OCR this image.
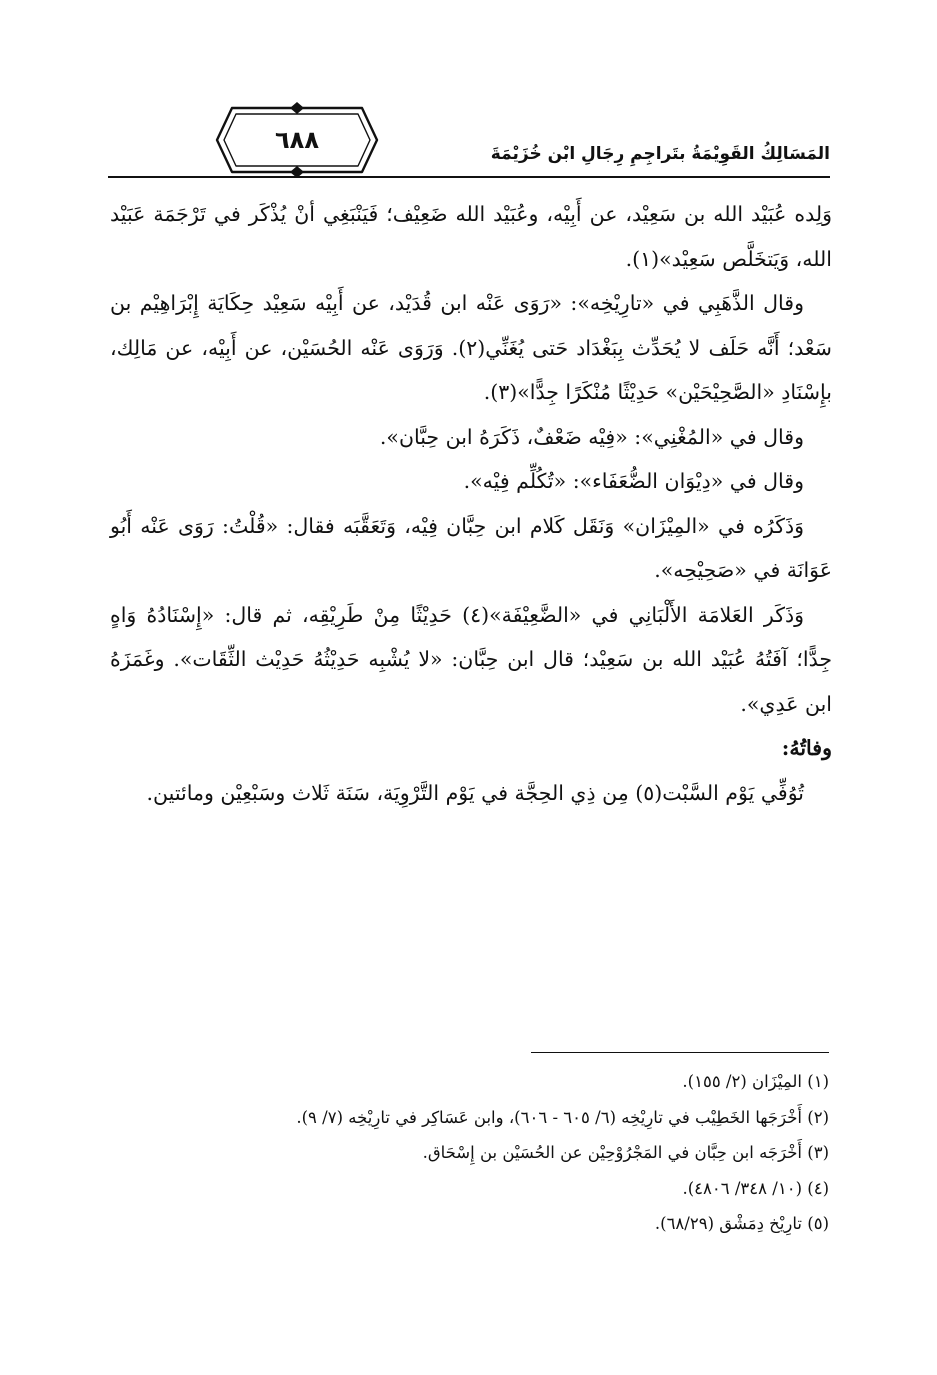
٦٨٨	المَسَالِكُ القَوِيْمَةُ بتَراجِمِ رِجَالِ ابْن خُزَيْمَةَ

وَلِده عُبَيْد الله بن سَعِيْد، عن أَبِيْه، وعُبَيْد الله ضَعِيْف؛ فَيَنْبَغِي أنْ يُذْكَر في تَرْجَمَة عَبَيْد الله، وَيَتخَلَّص سَعِيْد»(١).

وقال الذَّهَبِي في «تارِيْخِه»: «رَوَى عَنْه ابن قُدَيْد، عن أَبِيْه سَعِيْد حِكَايَة إِبْرَاهِيْم بن سَعْد؛ أَنَّه حَلَف لا يُحَدِّث بِبَغْدَاد حَتى يُغَنِّي(٢). وَرَوَى عَنْه الحُسَيْن، عن أَبِيْه، عن مَالِك، بإِسْنَادِ «الصَّحِيْحَيْن» حَدِيْثًا مُنْكَرًا جِدًّا»(٣).

وقال في «المُغْنِي»: «فِيْه ضَعْفٌ، ذَكَرَهُ ابن حِبَّان».

وقال في «دِيْوَان الضُّعَفَاء»: «تُكُلِّم فِيْه».

وَذَكَرُه في «المِيْزَان» وَنَقَل كَلام ابن حِبَّان فِيْه، وَتَعَقَّبَه فقال: «قُلْتُ: رَوَى عَنْه أَبُو عَوَانَة في «صَحِيْحِه».

وَذَكَر العَلامَة الأَلْبَانِي في «الضَّعِيْفَة»(٤) حَدِيْثًا مِنْ طَرِيْقِه، ثم قال: «إِسْنَادُهُ وَاهٍ جِدًّا؛ آفَتُهُ عُبَيْد الله بن سَعِيْد؛ قال ابن حِبَّان: «لا يُشْبِه حَدِيْثُهُ حَدِيْث الثِّقَات». وغَمَزَهُ ابن عَدِي».

وفاتُهُ:

تُوُفِّي يَوْم السَّبْت(٥) مِن ذِي الحِجَّة في يَوْم التَّرْوِيَة، سَنَة ثَلاث وسَبْعِيْن ومائتين.

(١) المِيْزَان (٢/ ١٥٥).
(٢) أَخْرَجَها الخَطِيْب في تارِيْخِه (٦/ ٦٠٥ - ٦٠٦)، وابن عَسَاكِر في تارِيْخِه (٧/ ٩).
(٣) أَخْرَجَه ابن حِبَّان في المَجْرُوْحِيْن عن الحُسَيْن بن إِسْحَاق.
(٤) (١٠/ ٣٤٨/ ٤٨٠٦).
(٥) تارِيْخ دِمَشْق (٦٨/٢٩).
